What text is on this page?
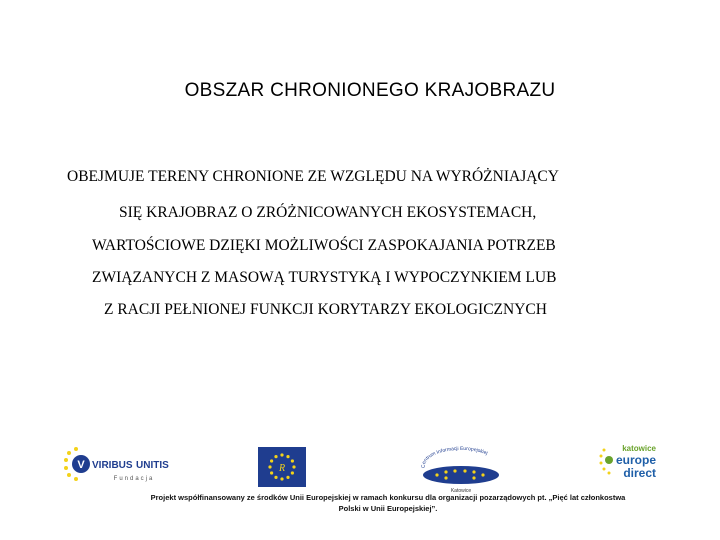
OBSZAR CHRONIONEGO KRAJOBRAZU
OBEJMUJE TERENY CHRONIONE ZE WZGLĘDU NA WYRÓŻNIAJĄCY
SIĘ KRAJOBRAZ O ZRÓŻNICOWANYCH EKOSYSTEMACH,
WARTOŚCIOWE DZIĘKI MOŻLIWOŚCI ZASPOKAJANIA POTRZEB
ZWIĄZANYCH Z MASOWĄ TURYSTYKĄ I WYPOCZYNKIEM LUB
Z RACJI PEŁNIONEJ FUNKCJI KORYTARZY EKOLOGICZNYCH
V VIRIBUS UNITIS
Fundacja
R	Centrum Informacji Europejskiej
Katowice
katowice
europe
direct
Projekt współfinansowany ze środków Unii Europejskiej w ramach konkursu dla organizacji pozarządowych pt. „Pięć lat członkostwa
Polski w Unii Europejskiej”.
